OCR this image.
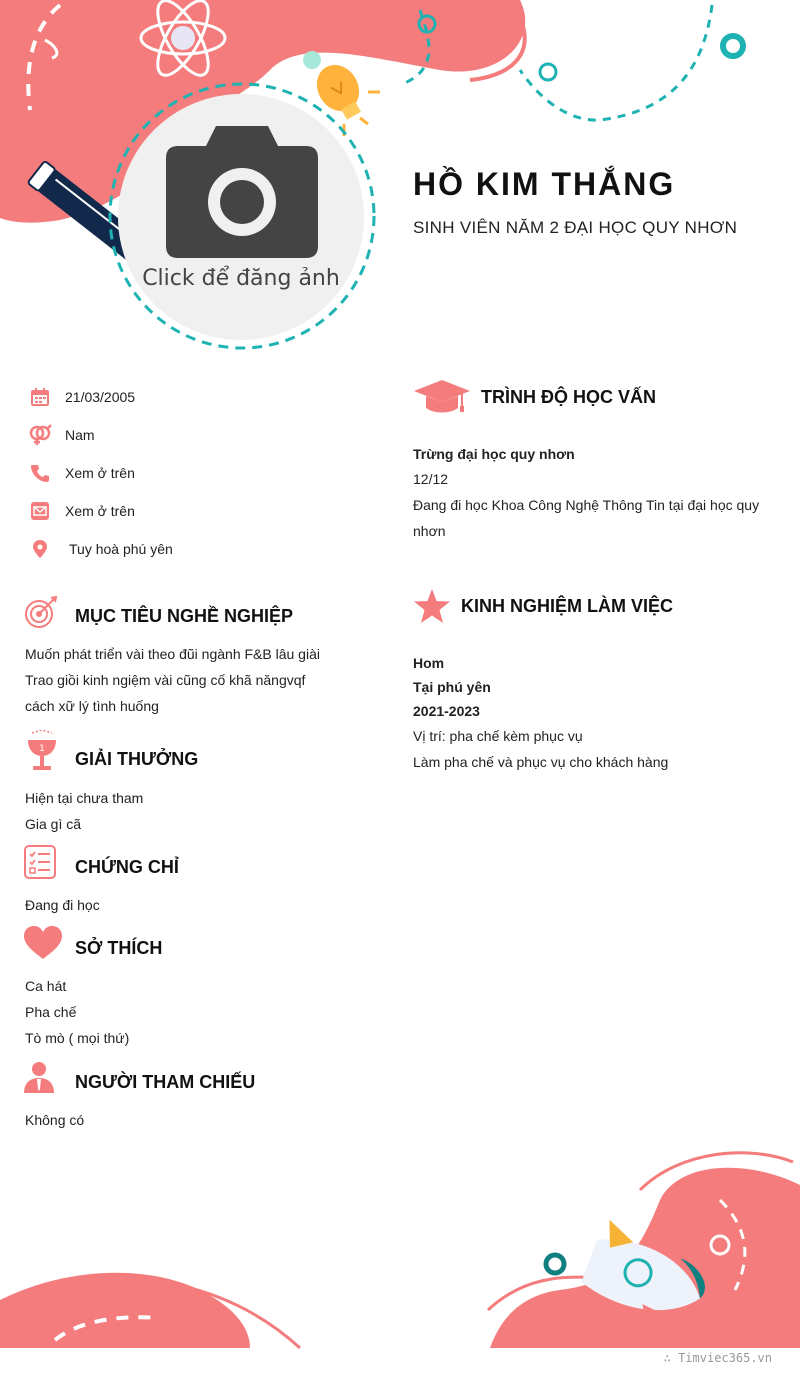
Click để đăng ảnh
HỒ KIM THẮNG
SINH VIÊN NĂM 2 ĐẠI HỌC QUY NHƠN
21/03/2005
Nam
Xem ở trên
Xem ở trên
Tuy hoà phú yên
MỤC TIÊU NGHỀ NGHIỆP
Muốn phát triển vài theo đũi ngành F&B lâu giài
Trao giồi kinh ngiệm vài cũng cố khã năngvqf
cách xữ lý tình huống
1 GIẢI THƯỞNG
Hiện tại chưa tham
Gia gì cã
CHỨNG CHỈ
Đang đi học
SỞ THÍCH
Ca hát
Pha chế
Tò mò ( mọi thứ)
NGƯỜI THAM CHIẾU
Không có
TRÌNH ĐỘ HỌC VẤN
Trừng đại học quy nhơn
12/12
Đang đi học Khoa Công Nghệ Thông Tin tại đại học quy
nhơn
KINH NGHIỆM LÀM VIỆC
Hom
Tại phú yên
2021-2023
Vị trí: pha chế kèm phục vụ
Làm pha chế và phục vụ cho khách hàng
∴ Timviec365.vn
